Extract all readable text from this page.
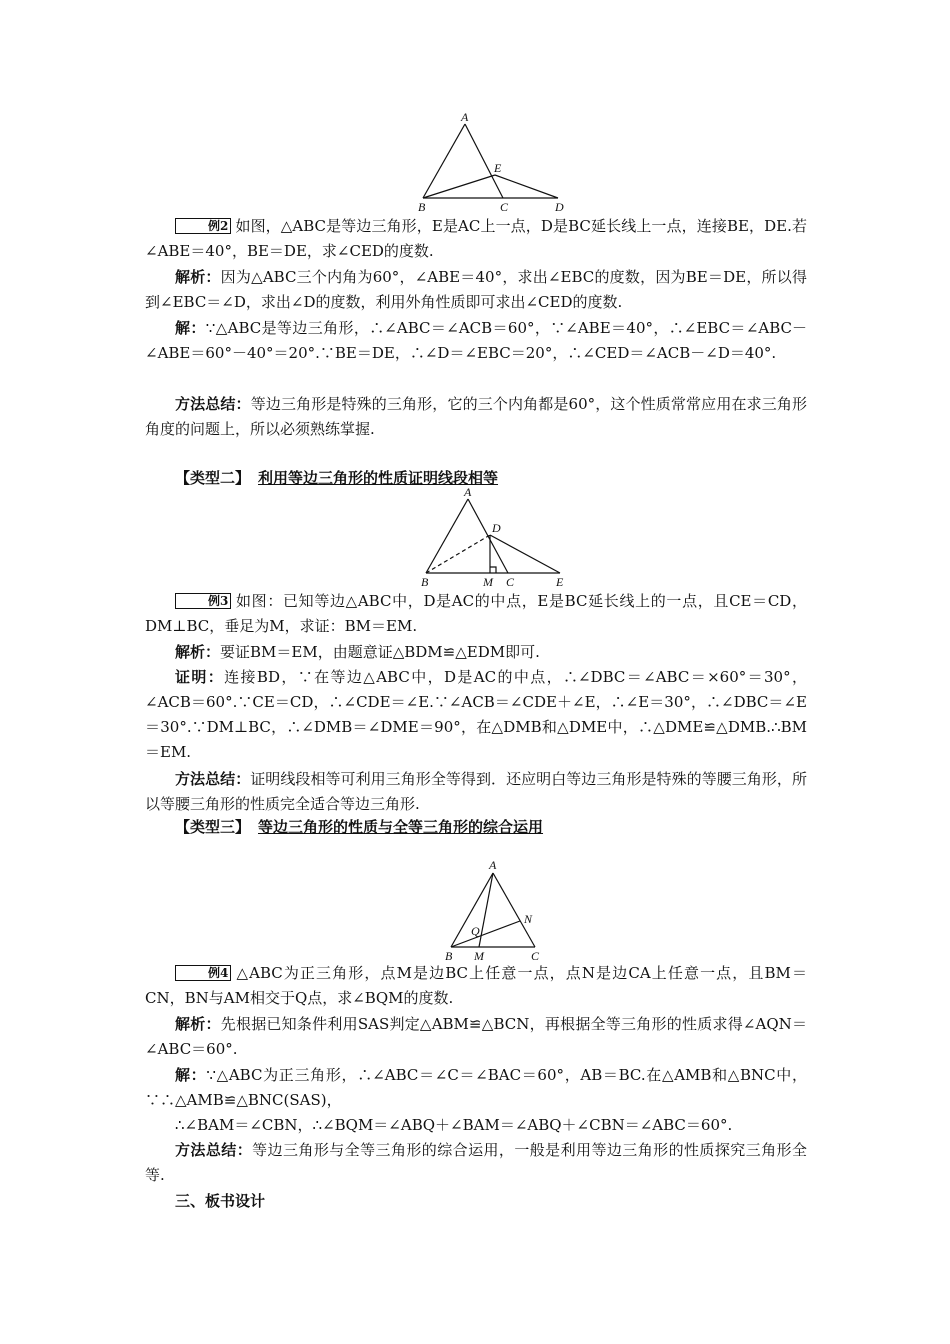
A
E
B	C	D

例2 如图，△ABC是等边三角形，E是AC上一点，D是BC延长线上一点，连接BE，DE.若∠ABE＝40°，BE＝DE，求∠CED的度数.

解析：因为△ABC三个内角为60°，∠ABE＝40°，求出∠EBC的度数，因为BE＝DE，所以得到∠EBC＝∠D，求出∠D的度数，利用外角性质即可求出∠CED的度数.

解：∵△ABC是等边三角形，∴∠ABC＝∠ACB＝60°，∵∠ABE＝40°，∴∠EBC＝∠ABC－∠ABE＝60°－40°＝20°.∵BE＝DE，∴∠D＝∠EBC＝20°，∴∠CED＝∠ACB－∠D＝40°.

方法总结：等边三角形是特殊的三角形，它的三个内角都是60°，这个性质常常应用在求三角形角度的问题上，所以必须熟练掌握.

【类型二】 利用等边三角形的性质证明线段相等
A
D
B	M C	E

例3 如图：已知等边△ABC中，D是AC的中点，E是BC延长线上的一点，且CE＝CD，DM⊥BC，垂足为M，求证：BM＝EM.

解析：要证BM＝EM，由题意证△BDM≌△EDM即可.

证明：连接BD，∵在等边△ABC中，D是AC的中点，∴∠DBC＝∠ABC＝×60°＝30°，∠ACB＝60°.∵CE＝CD，∴∠CDE＝∠E.∵∠ACB＝∠CDE＋∠E，∴∠E＝30°，∴∠DBC＝∠E＝30°.∵DM⊥BC，∴∠DMB＝∠DME＝90°，在△DMB和△DME中，∴△DME≌△DMB.∴BM＝EM.

方法总结：证明线段相等可利用三角形全等得到．还应明白等边三角形是特殊的等腰三角形，所以等腰三角形的性质完全适合等边三角形.

【类型三】 等边三角形的性质与全等三角形的综合运用
A
N
Q
B M	C

例4 △ABC为正三角形，点M是边BC上任意一点，点N是边CA上任意一点，且BM＝CN，BN与AM相交于Q点，求∠BQM的度数.

解析：先根据已知条件利用SAS判定△ABM≌△BCN，再根据全等三角形的性质求得∠AQN＝∠ABC＝60°.

解：∵△ABC为正三角形，∴∠ABC＝∠C＝∠BAC＝60°，AB＝BC.在△AMB和△BNC中，∵∴△AMB≌△BNC(SAS)，

∴∠BAM＝∠CBN，∴∠BQM＝∠ABQ＋∠BAM＝∠ABQ＋∠CBN＝∠ABC＝60°.

方法总结：等边三角形与全等三角形的综合运用，一般是利用等边三角形的性质探究三角形全等.

三、板书设计
